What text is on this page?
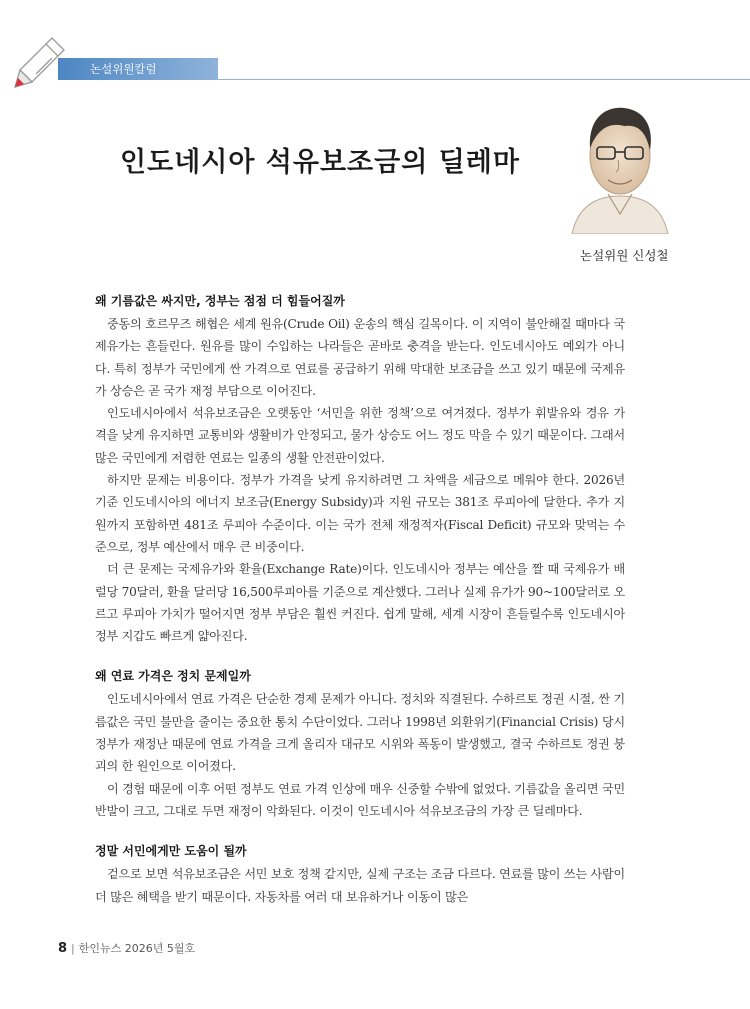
논설위원칼럼
인도네시아 석유보조금의 딜레마
논설위원 신성철
왜 기름값은 싸지만, 정부는 점점 더 힘들어질까

중동의 호르무즈 해협은 세계 원유(Crude Oil) 운송의 핵심 길목이다. 이 지역이 불안해질 때마다 국제유가는 흔들린다. 원유를 많이 수입하는 나라들은 곧바로 충격을 받는다. 인도네시아도 예외가 아니다. 특히 정부가 국민에게 싼 가격으로 연료를 공급하기 위해 막대한 보조금을 쓰고 있기 때문에 국제유가 상승은 곧 국가 재정 부담으로 이어진다.

인도네시아에서 석유보조금은 오랫동안 ‘서민을 위한 정책’으로 여겨졌다. 정부가 휘발유와 경유 가격을 낮게 유지하면 교통비와 생활비가 안정되고, 물가 상승도 어느 정도 막을 수 있기 때문이다. 그래서 많은 국민에게 저렴한 연료는 일종의 생활 안전판이었다.

하지만 문제는 비용이다. 정부가 가격을 낮게 유지하려면 그 차액을 세금으로 메워야 한다. 2026년 기준 인도네시아의 에너지 보조금(Energy Subsidy)과 지원 규모는 381조 루피아에 달한다. 추가 지원까지 포함하면 481조 루피아 수준이다. 이는 국가 전체 재정적자(Fiscal Deficit) 규모와 맞먹는 수준으로, 정부 예산에서 매우 큰 비중이다.

더 큰 문제는 국제유가와 환율(Exchange Rate)이다. 인도네시아 정부는 예산을 짤 때 국제유가 배럴당 70달러, 환율 달러당 16,500루피아를 기준으로 계산했다. 그러나 실제 유가가 90~100달러로 오르고 루피아 가치가 떨어지면 정부 부담은 훨씬 커진다. 쉽게 말해, 세계 시장이 흔들릴수록 인도네시아 정부 지갑도 빠르게 얇아진다.

왜 연료 가격은 정치 문제일까

인도네시아에서 연료 가격은 단순한 경제 문제가 아니다. 정치와 직결된다. 수하르토 정권 시절, 싼 기름값은 국민 불만을 줄이는 중요한 통치 수단이었다. 그러나 1998년 외환위기(Financial Crisis) 당시 정부가 재정난 때문에 연료 가격을 크게 올리자 대규모 시위와 폭동이 발생했고, 결국 수하르토 정권 붕괴의 한 원인으로 이어졌다.

이 경험 때문에 이후 어떤 정부도 연료 가격 인상에 매우 신중할 수밖에 없었다. 기름값을 올리면 국민 반발이 크고, 그대로 두면 재정이 악화된다. 이것이 인도네시아 석유보조금의 가장 큰 딜레마다.

정말 서민에게만 도움이 될까

겉으로 보면 석유보조금은 서민 보호 정책 같지만, 실제 구조는 조금 다르다. 연료를 많이 쓰는 사람이 더 많은 혜택을 받기 때문이다. 자동차를 여러 대 보유하거나 이동이 많은

8 | 한인뉴스 2026년 5월호
